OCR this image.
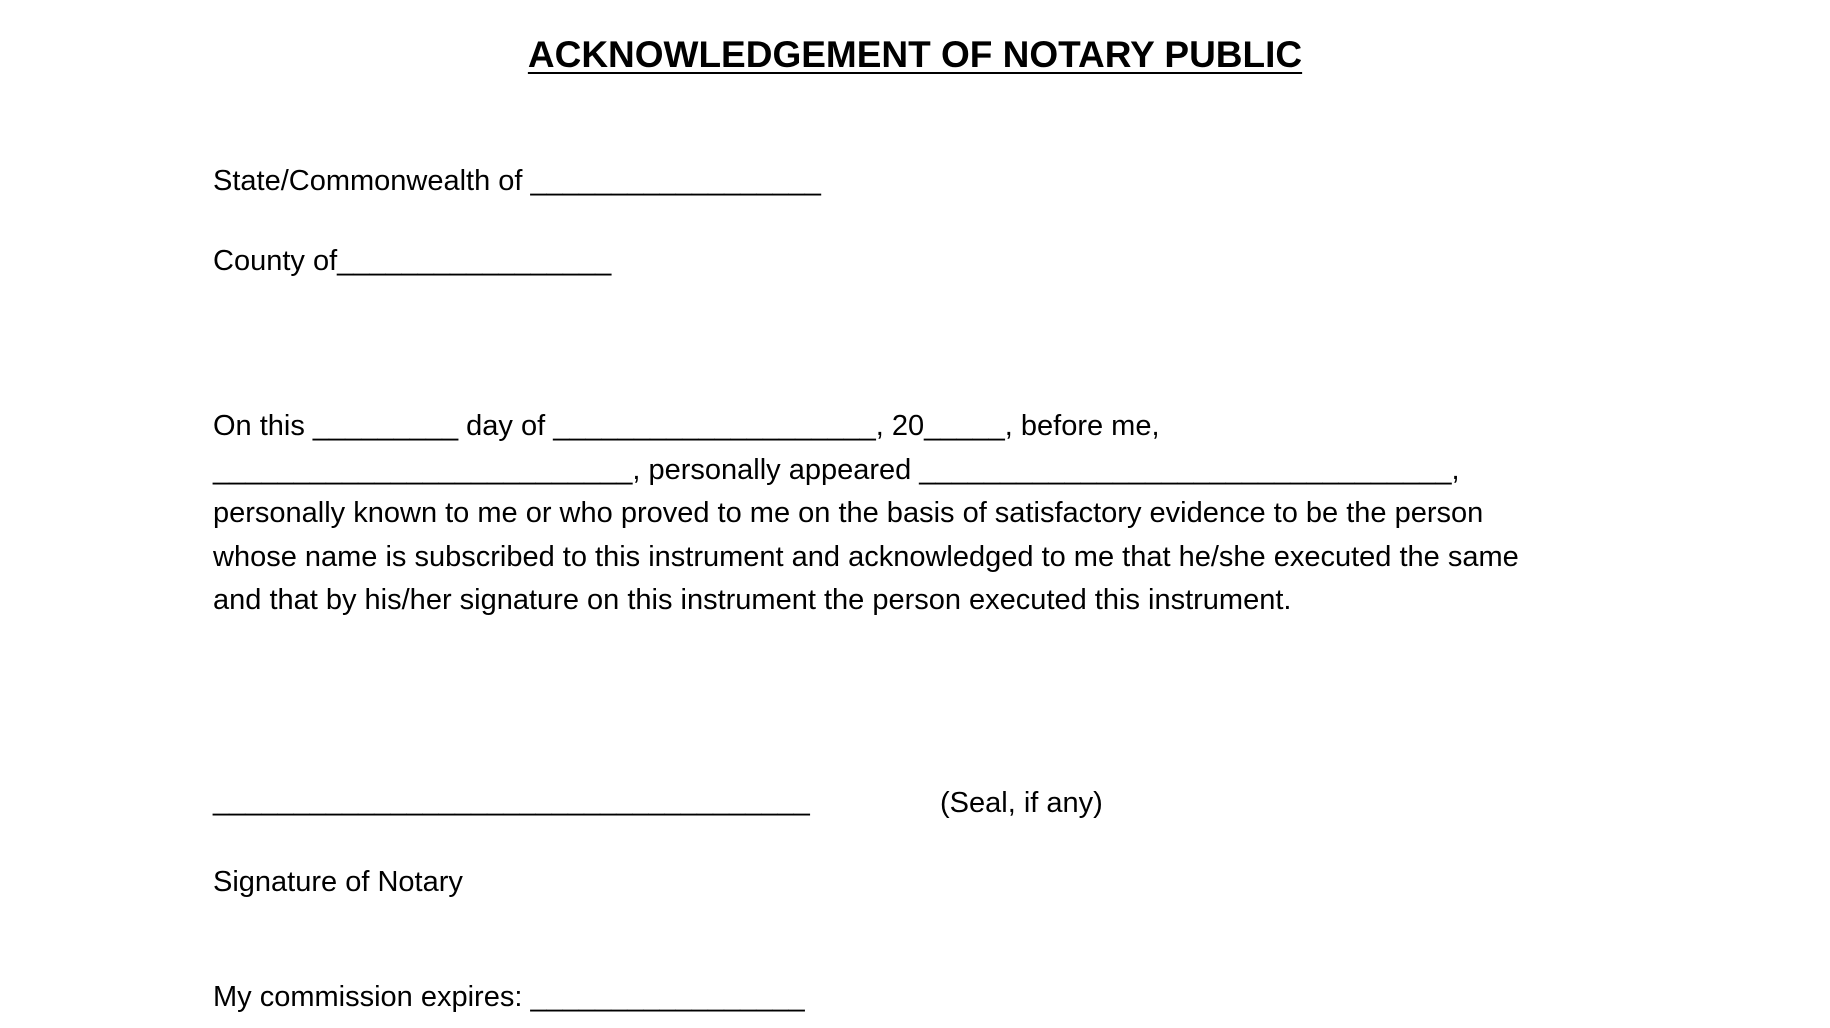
ACKNOWLEDGEMENT OF NOTARY PUBLIC
State/Commonwealth of __________________
County of_________________
On this _________ day of ____________________, 20_____, before me,
__________________________, personally appeared _________________________________,
personally known to me or who proved to me on the basis of satisfactory evidence to be the person
whose name is subscribed to this instrument and acknowledged to me that he/she executed the same
and that by his/her signature on this instrument the person executed this instrument.
_____________________________________	(Seal, if any)
Signature of Notary
My commission expires: _________________
